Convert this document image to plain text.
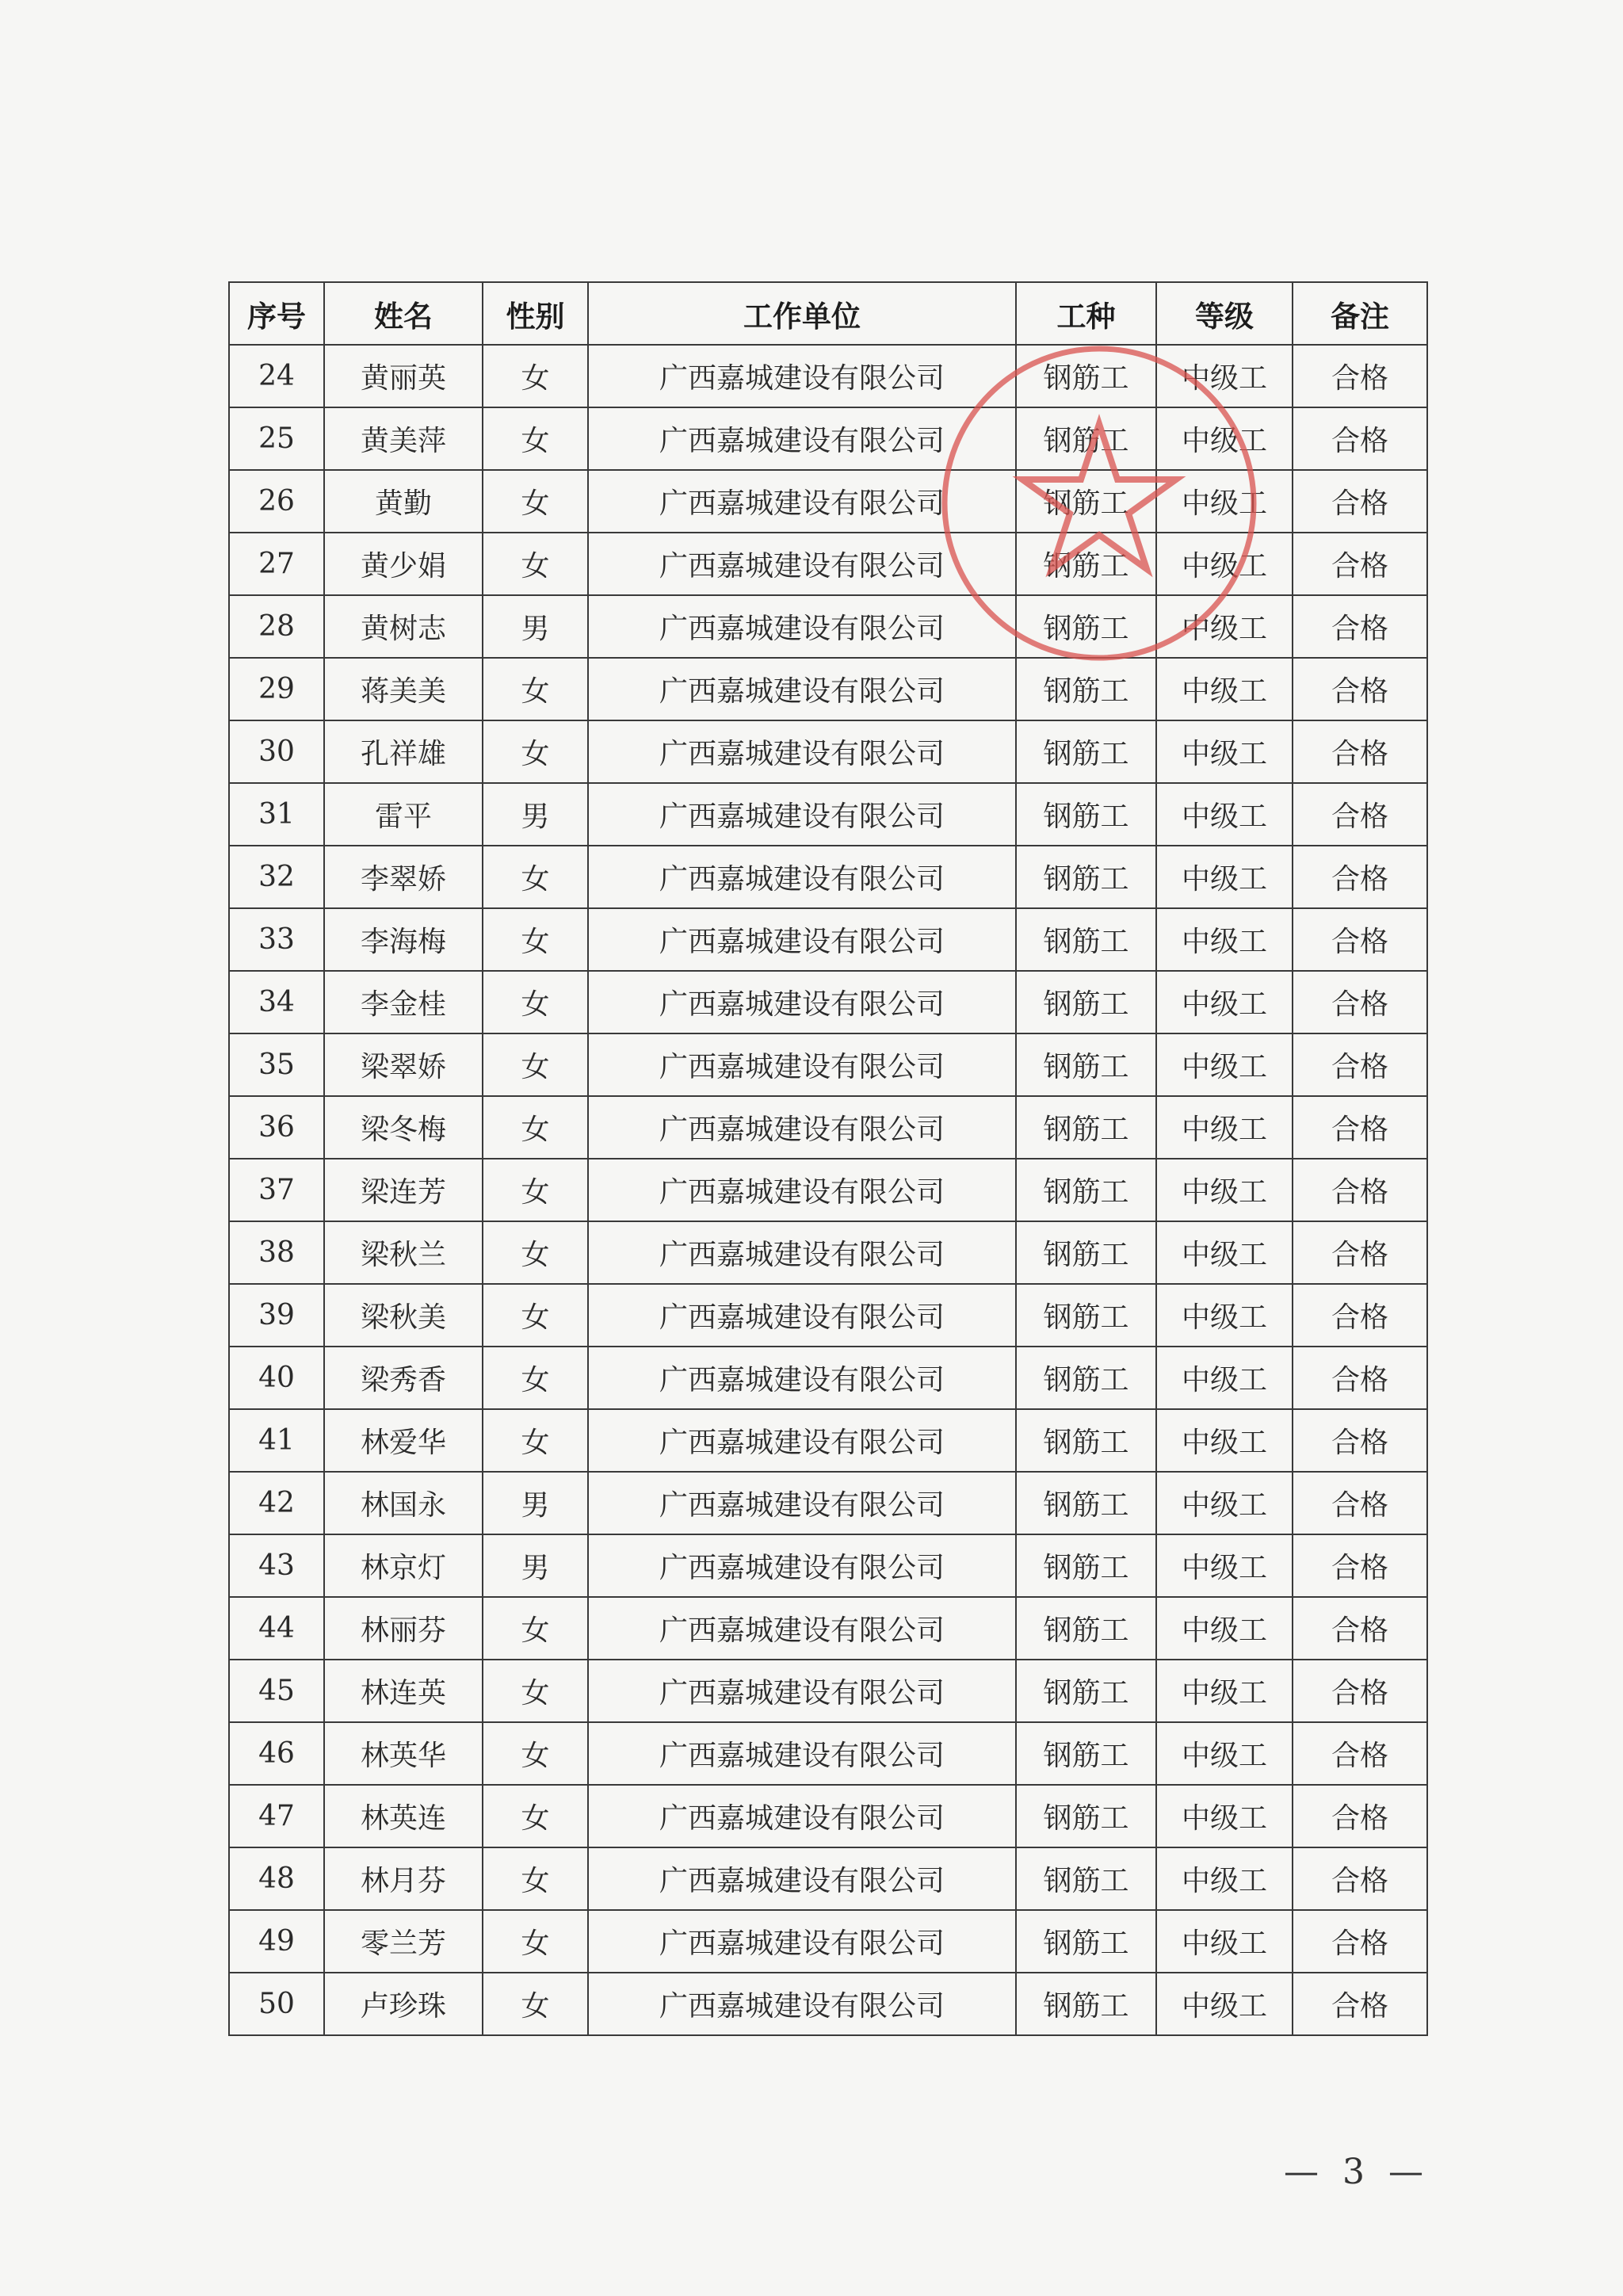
序号	姓名	性别	工作单位	工种	等级	备注
24	黄丽英	女	广西嘉城建设有限公司	钢筋工	中级工	合格
25	黄美萍	女	广西嘉城建设有限公司	钢筋工	中级工	合格
26	黄勤	女	广西嘉城建设有限公司	钢筋工	中级工	合格
27	黄少娟	女	广西嘉城建设有限公司	钢筋工	中级工	合格
28	黄树志	男	广西嘉城建设有限公司	钢筋工	中级工	合格
29	蒋美美	女	广西嘉城建设有限公司	钢筋工	中级工	合格
30	孔祥雄	女	广西嘉城建设有限公司	钢筋工	中级工	合格
31	雷平	男	广西嘉城建设有限公司	钢筋工	中级工	合格
32	李翠娇	女	广西嘉城建设有限公司	钢筋工	中级工	合格
33	李海梅	女	广西嘉城建设有限公司	钢筋工	中级工	合格
34	李金桂	女	广西嘉城建设有限公司	钢筋工	中级工	合格
35	梁翠娇	女	广西嘉城建设有限公司	钢筋工	中级工	合格
36	梁冬梅	女	广西嘉城建设有限公司	钢筋工	中级工	合格
37	梁连芳	女	广西嘉城建设有限公司	钢筋工	中级工	合格
38	梁秋兰	女	广西嘉城建设有限公司	钢筋工	中级工	合格
39	梁秋美	女	广西嘉城建设有限公司	钢筋工	中级工	合格
40	梁秀香	女	广西嘉城建设有限公司	钢筋工	中级工	合格
41	林爱华	女	广西嘉城建设有限公司	钢筋工	中级工	合格
42	林国永	男	广西嘉城建设有限公司	钢筋工	中级工	合格
43	林京灯	男	广西嘉城建设有限公司	钢筋工	中级工	合格
44	林丽芬	女	广西嘉城建设有限公司	钢筋工	中级工	合格
45	林连英	女	广西嘉城建设有限公司	钢筋工	中级工	合格
46	林英华	女	广西嘉城建设有限公司	钢筋工	中级工	合格
47	林英连	女	广西嘉城建设有限公司	钢筋工	中级工	合格
48	林月芬	女	广西嘉城建设有限公司	钢筋工	中级工	合格
49	零兰芳	女	广西嘉城建设有限公司	钢筋工	中级工	合格
50	卢珍珠	女	广西嘉城建设有限公司	钢筋工	中级工	合格
— 3 —
